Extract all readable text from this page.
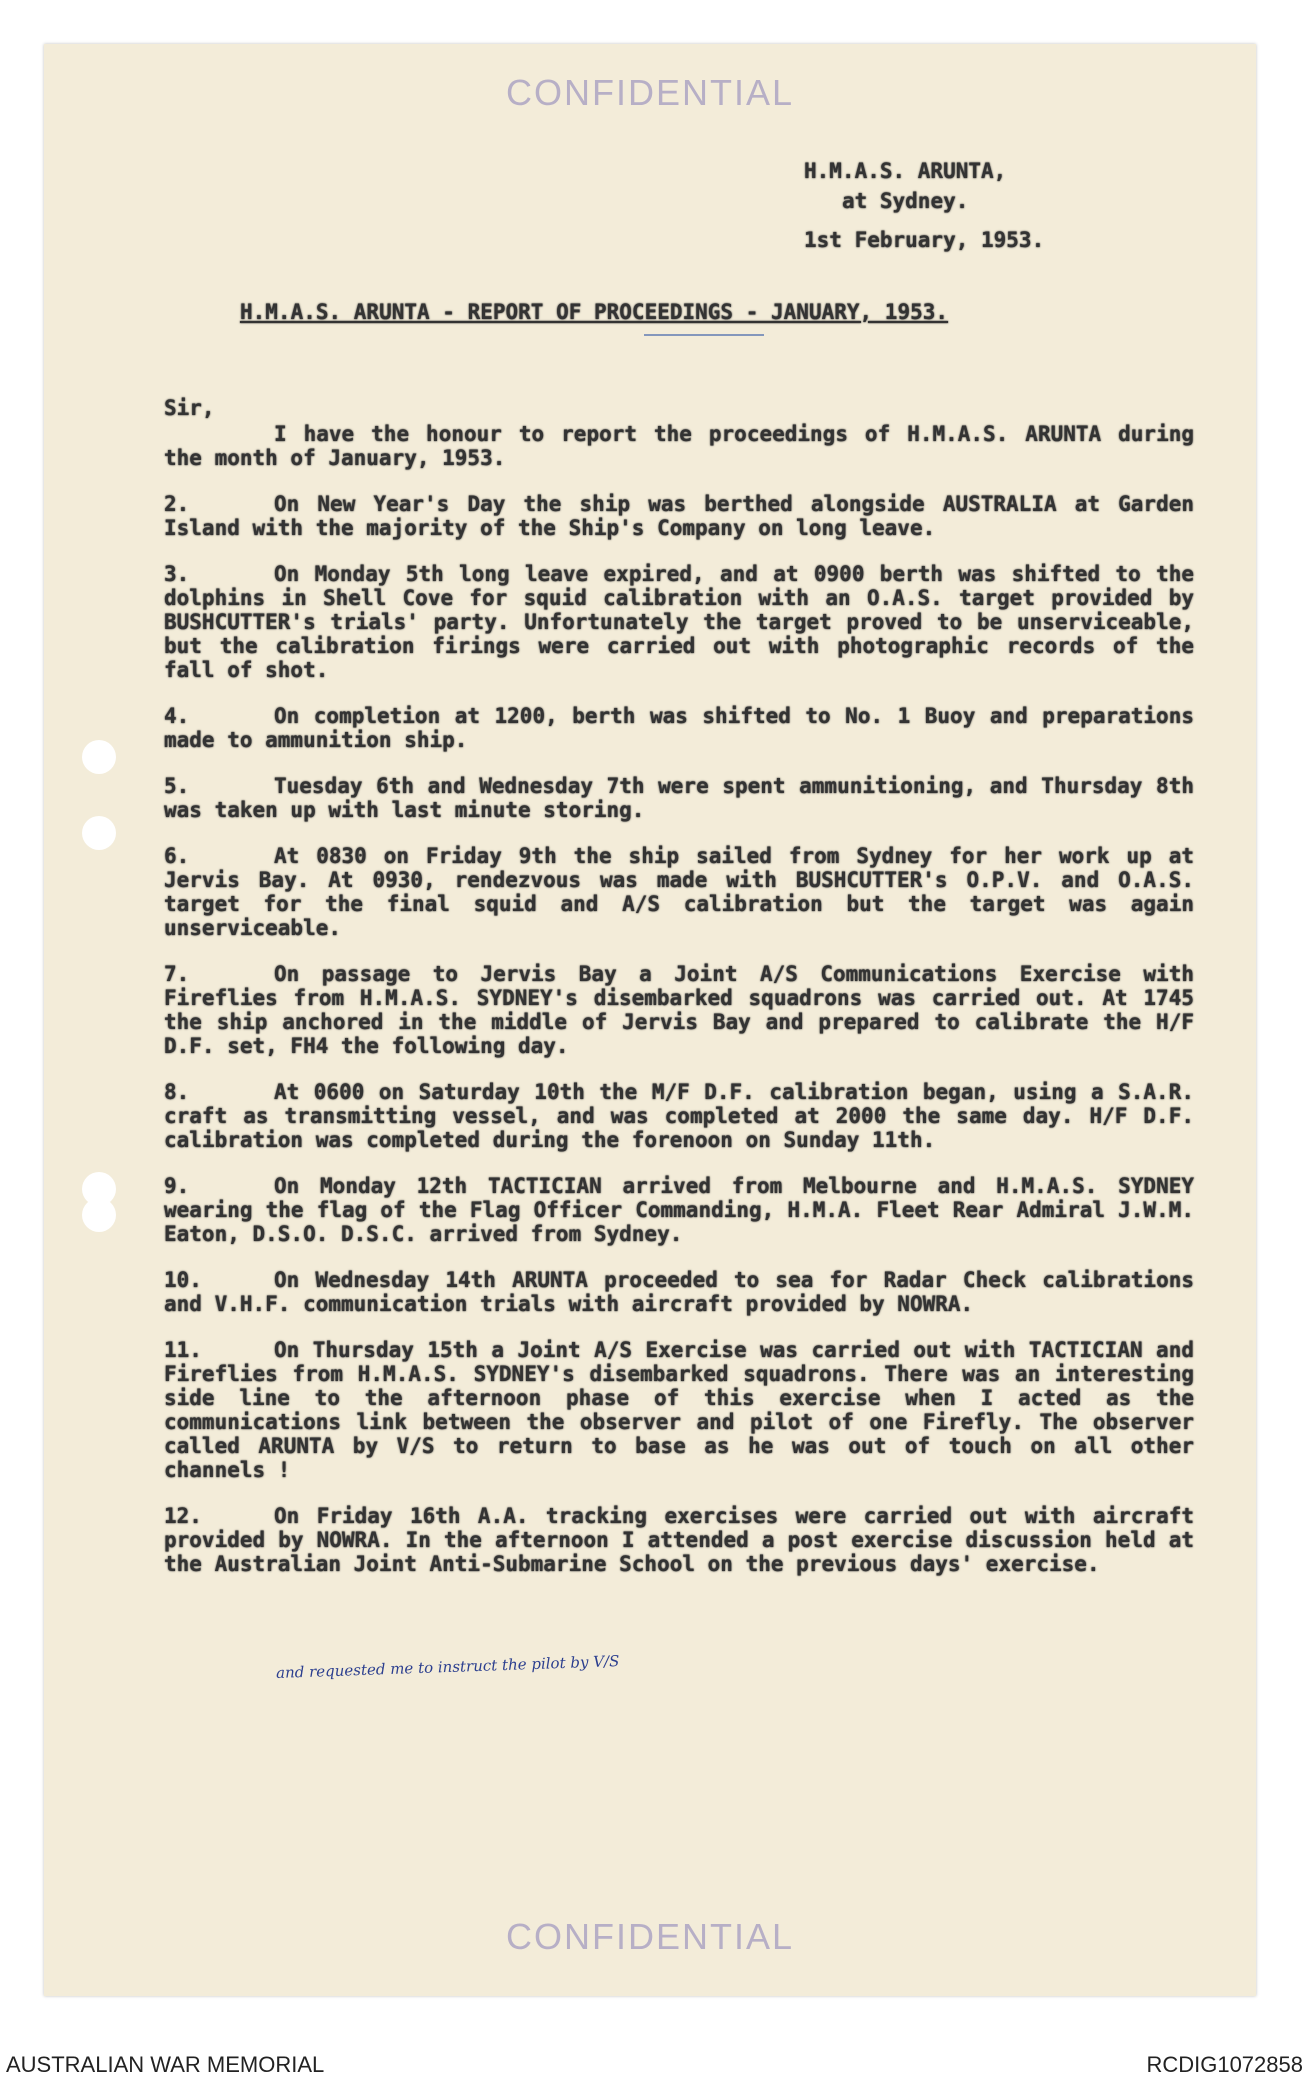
CONFIDENTIAL
H.M.A.S. ARUNTA,
at Sydney.
1st February, 1953.
H.M.A.S. ARUNTA - REPORT OF PROCEEDINGS - JANUARY, 1953.
Sir,
I have the honour to report the proceedings of H.M.A.S. ARUNTA during the month of January, 1953.
2.	On New Year's Day the ship was berthed alongside AUSTRALIA at Garden Island with the majority of the Ship's Company on long leave.
3.	On Monday 5th long leave expired, and at 0900 berth was shifted to the dolphins in Shell Cove for squid calibration with an O.A.S. target provided by BUSHCUTTER's trials' party. Unfortunately the target proved to be unserviceable, but the calibration firings were carried out with photographic records of the fall of shot.
4.	On completion at 1200, berth was shifted to No. 1 Buoy and preparations made to ammunition ship.
5.	Tuesday 6th and Wednesday 7th were spent ammunitioning, and Thursday 8th was taken up with last minute storing.
6.	At 0830 on Friday 9th the ship sailed from Sydney for her work up at Jervis Bay. At 0930, rendezvous was made with BUSHCUTTER's O.P.V. and O.A.S. target for the final squid and A/S calibration but the target was again unserviceable.
7.	On passage to Jervis Bay a Joint A/S Communications Exercise with Fireflies from H.M.A.S. SYDNEY's disembarked squadrons was carried out. At 1745 the ship anchored in the middle of Jervis Bay and prepared to calibrate the H/F D.F. set, FH4 the following day.
8.	At 0600 on Saturday 10th the M/F D.F. calibration began, using a S.A.R. craft as transmitting vessel, and was completed at 2000 the same day. H/F D.F. calibration was completed during the forenoon on Sunday 11th.
9.	On Monday 12th TACTICIAN arrived from Melbourne and H.M.A.S. SYDNEY wearing the flag of the Flag Officer Commanding, H.M.A. Fleet Rear Admiral J.W.M. Eaton, D.S.O. D.S.C. arrived from Sydney.
10.	On Wednesday 14th ARUNTA proceeded to sea for Radar Check calibrations and V.H.F. communication trials with aircraft provided by NOWRA.
11.	On Thursday 15th a Joint A/S Exercise was carried out with TACTICIAN and Fireflies from H.M.A.S. SYDNEY's disembarked squadrons. There was an interesting side line to the afternoon phase of this exercise when I acted as the communications link between the observer and pilot of one Firefly. The observer called ARUNTA by V/S to return to base as he was out of touch on all other channels !
12.	On Friday 16th A.A. tracking exercises were carried out with aircraft provided by NOWRA. In the afternoon I attended a post exercise discussion held at the Australian Joint Anti-Submarine School on the previous days' exercise.
and requested me to instruct the pilot by V/S
CONFIDENTIAL
AUSTRALIAN WAR MEMORIAL	RCDIG1072858
